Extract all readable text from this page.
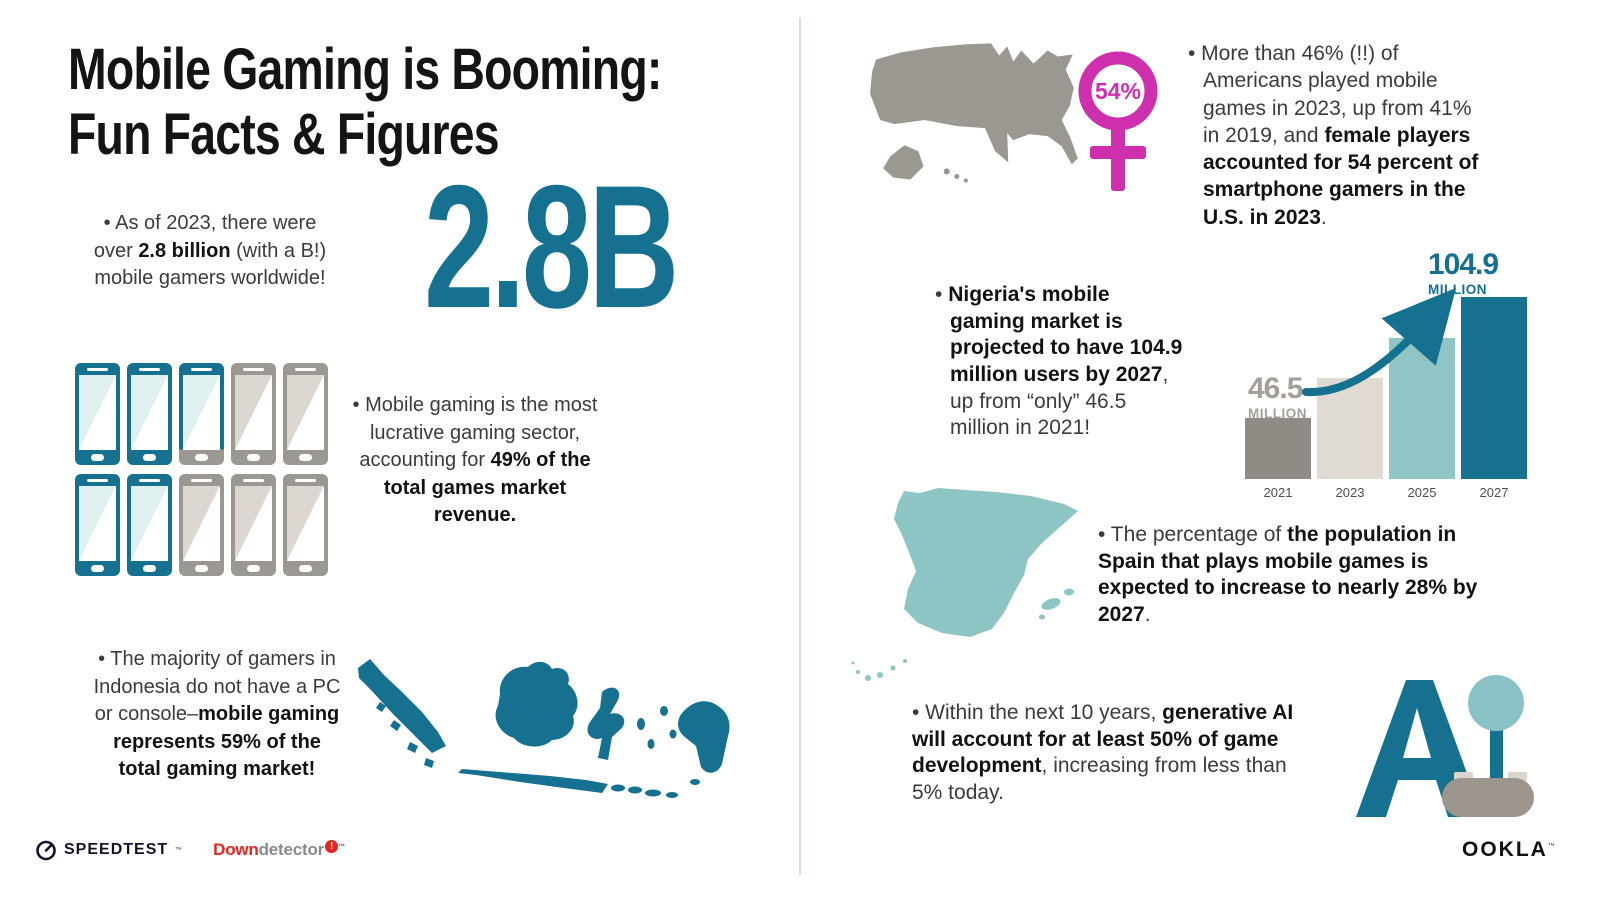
Mobile Gaming is Booming:
Fun Facts & Figures
• As of 2023, there were over 2.8 billion (with a B!) mobile gamers worldwide! 2.8B
• Mobile gaming is the most lucrative gaming sector, accounting for 49% of the total games market revenue.
• The majority of gamers in Indonesia do not have a PC or console–mobile gaming represents 59% of the total gaming market!
54%
• More than 46% (!!) of Americans played mobile games in 2023, up from 41% in 2019, and female players accounted for 54 percent of smartphone gamers in the U.S. in 2023.
• Nigeria's mobile gaming market is projected to have 104.9 million users by 2027, up from “only” 46.5 million in 2021!
2021	2023	2025	2027
46.5
MILLION
104.9
MILLION
• The percentage of the population in Spain that plays mobile games is expected to increase to nearly 28% by 2027.
• Within the next 10 years, generative AI will account for at least 50% of game development, increasing from less than 5% today.
SPEEDTEST ™ Downdetector ! ™	OOKLA™
